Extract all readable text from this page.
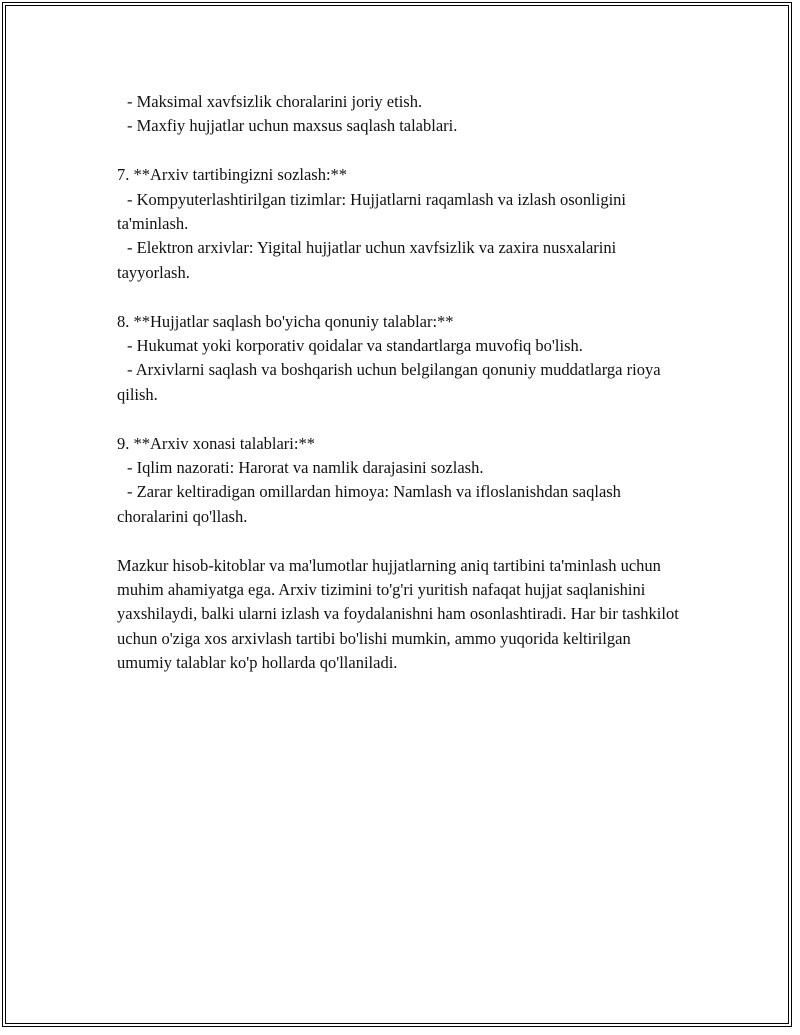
- Maksimal xavfsizlik choralarini joriy etish.

- Maxfiy hujjatlar uchun maxsus saqlash talablari.

7. **Arxiv tartibingizni sozlash:**

- Kompyuterlashtirilgan tizimlar: Hujjatlarni raqamlash va izlash osonligini ta'minlash.

- Elektron arxivlar: Yigital hujjatlar uchun xavfsizlik va zaxira nusxalarini tayyorlash.

8. **Hujjatlar saqlash bo'yicha qonuniy talablar:**

- Hukumat yoki korporativ qoidalar va standartlarga muvofiq bo'lish.

- Arxivlarni saqlash va boshqarish uchun belgilangan qonuniy muddatlarga rioya qilish.

9. **Arxiv xonasi talablari:**

- Iqlim nazorati: Harorat va namlik darajasini sozlash.

- Zarar keltiradigan omillardan himoya: Namlash va ifloslanishdan saqlash choralarini qo'llash.

Mazkur hisob-kitoblar va ma'lumotlar hujjatlarning aniq tartibini ta'minlash uchun muhim ahamiyatga ega. Arxiv tizimini to'g'ri yuritish nafaqat hujjat saqlanishini yaxshilaydi, balki ularni izlash va foydalanishni ham osonlashtiradi. Har bir tashkilot uchun o'ziga xos arxivlash tartibi bo'lishi mumkin, ammo yuqorida keltirilgan umumiy talablar ko'p hollarda qo'llaniladi.
